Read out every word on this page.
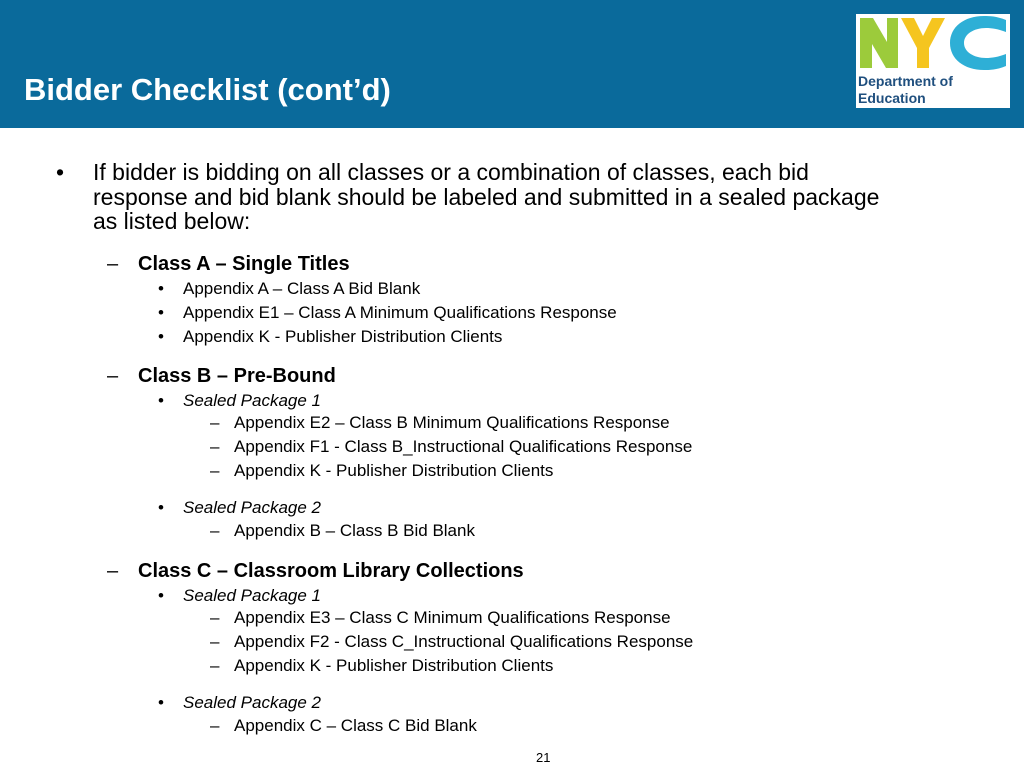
Bidder Checklist (cont’d)	Department of
Education
• If bidder is bidding on all classes or a combination of classes, each bid
response and bid blank should be labeled and submitted in a sealed package
as listed below:
– Class A – Single Titles
• Appendix A – Class A Bid Blank
• Appendix E1 – Class A Minimum Qualifications Response
• Appendix K - Publisher Distribution Clients
– Class B – Pre-Bound
• Sealed Package 1
– Appendix E2 – Class B Minimum Qualifications Response
– Appendix F1 - Class B_Instructional Qualifications Response
– Appendix K - Publisher Distribution Clients
• Sealed Package 2
– Appendix B – Class B Bid Blank
– Class C – Classroom Library Collections
• Sealed Package 1
– Appendix E3 – Class C Minimum Qualifications Response
– Appendix F2 - Class C_Instructional Qualifications Response
– Appendix K - Publisher Distribution Clients
• Sealed Package 2
– Appendix C – Class C Bid Blank
21
